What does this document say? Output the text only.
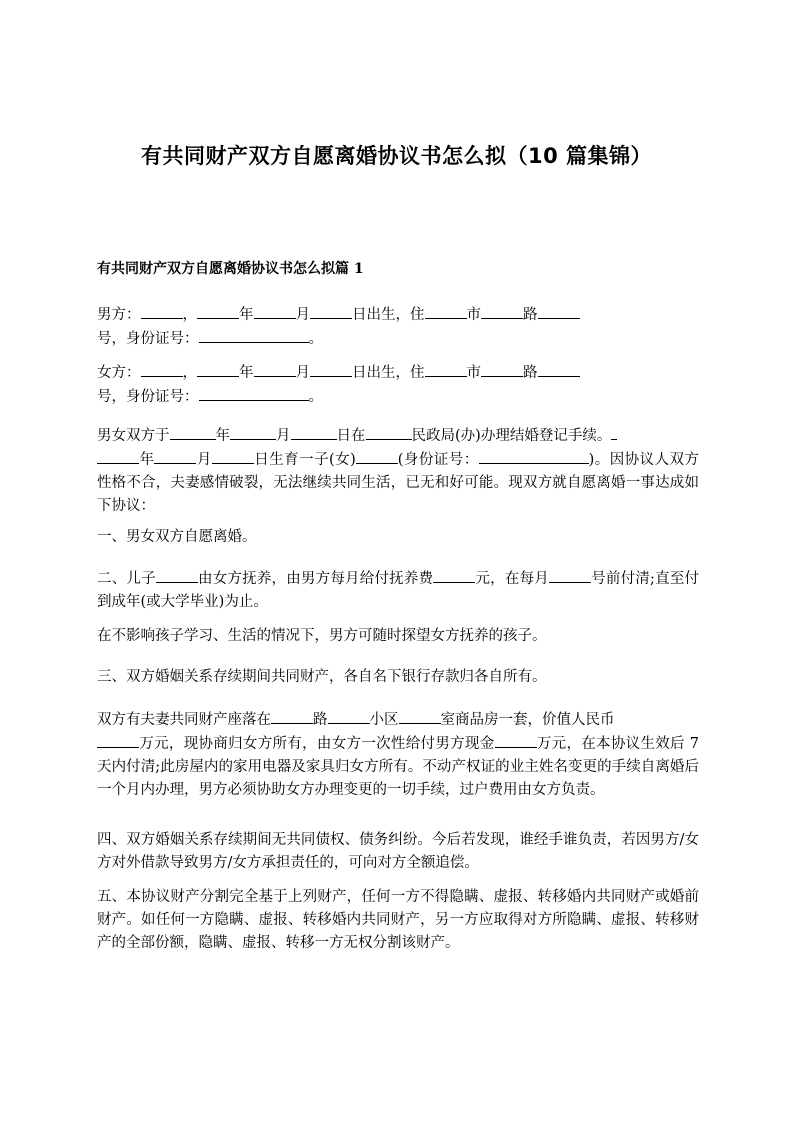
有共同财产双方自愿离婚协议书怎么拟（10 篇集锦）
有共同财产双方自愿离婚协议书怎么拟篇 1
男方：	，	年	月	日出生，住	市	路
号，身份证号：	。
女方：	，	年	月	日出生，住	市	路
号，身份证号：	。
男女双方于	年	月	日在	民政局(办)办理结婚登记手续。
年	月	日生育一子(女)	(身份证号：	)。因协议人双方性格不合，夫妻感情破裂，无法继续共同生活，已无和好可能。现双方就自愿离婚一事达成如下协议：
一、男女双方自愿离婚。
二、儿子	由女方抚养，由男方每月给付抚养费	元，在每月	号前付清;直至付到成年(或大学毕业)为止。
在不影响孩子学习、生活的情况下，男方可随时探望女方抚养的孩子。
三、双方婚姻关系存续期间共同财产，各自名下银行存款归各自所有。
双方有夫妻共同财产座落在	路	小区	室商品房一套，价值人民币
万元，现协商归女方所有，由女方一次性给付男方现金	万元，在本协议生效后 7 天内付清;此房屋内的家用电器及家具归女方所有。不动产权证的业主姓名变更的手续自离婚后一个月内办理，男方必须协助女方办理变更的一切手续，过户费用由女方负责。
四、双方婚姻关系存续期间无共同债权、债务纠纷。今后若发现，谁经手谁负责，若因男方/女方对外借款导致男方/女方承担责任的，可向对方全额追偿。
五、本协议财产分割完全基于上列财产，任何一方不得隐瞒、虚报、转移婚内共同财产或婚前财产。如任何一方隐瞒、虚报、转移婚内共同财产，另一方应取得对方所隐瞒、虚报、转移财产的全部份额，隐瞒、虚报、转移一方无权分割该财产。
